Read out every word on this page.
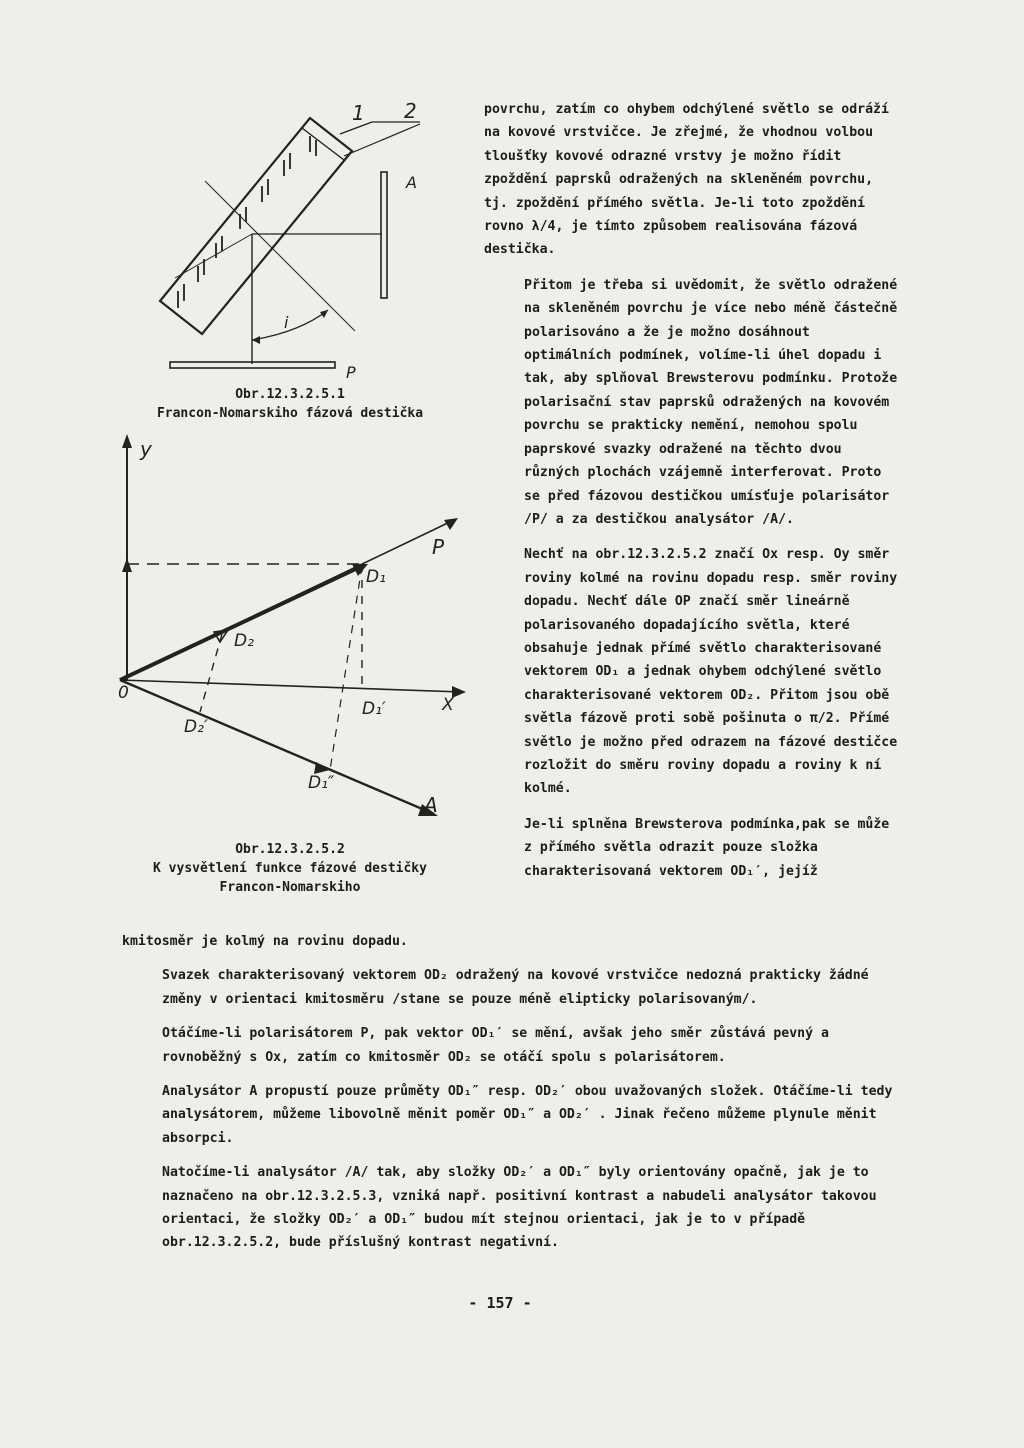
1 2
A
P
i
Obr.12.3.2.5.1
Francon-Nomarskiho fázová destička
y
0
X
P
A
D₁
D₂
D₁′
D₂′
D₁″
Obr.12.3.2.5.2
K vysvětlení funkce fázové destičky
Francon-Nomarskiho

povrchu, zatím co ohybem odchýlené světlo se odráží na kovové vrstvičce. Je zřejmé, že vhodnou volbou tloušťky kovové odrazné vrstvy je možno řídit zpoždění paprsků odražených na skleněném povrchu, tj. zpoždění přímého světla. Je-li toto zpoždění rovno λ/4, je tímto způsobem realisována fázová destička.

Přitom je třeba si uvědomit, že světlo odražené na skleněném povrchu je více nebo méně částečně polarisováno a že je možno dosáhnout optimálních podmínek, volíme-li úhel dopadu i tak, aby splňoval Brewsterovu podmínku. Protože polarisační stav paprsků odražených na kovovém povrchu se prakticky nemění, nemohou spolu paprskové svazky odražené na těchto dvou různých plochách vzájemně interferovat. Proto se před fázovou destičkou umísťuje polarisátor /P/ a za destičkou analysátor /A/.

Nechť na obr.12.3.2.5.2 značí Ox resp. Oy směr roviny kolmé na rovinu dopadu resp. směr roviny dopadu. Nechť dále OP značí směr lineárně polarisovaného dopadajícího světla, které obsahuje jednak přímé světlo charakterisované vektorem OD₁ a jednak ohybem odchýlené světlo charakterisované vektorem OD₂. Přitom jsou obě světla fázově proti sobě pošinuta o π/2. Přímé světlo je možno před odrazem na fázové destičce rozložit do směru roviny dopadu a roviny k ní kolmé.

Je-li splněna Brewsterova podmínka,pak se může z přímého světla odrazit pouze složka charakterisovaná vektorem OD₁′, jejíž

kmitosměr je kolmý na rovinu dopadu.

Svazek charakterisovaný vektorem OD₂ odražený na kovové vrstvičce nedozná prakticky žádné změny v orientaci kmitosměru /stane se pouze méně elipticky polarisovaným/.

Otáčíme-li polarisátorem P, pak vektor OD₁′ se mění, avšak jeho směr zůstává pevný a rovnoběžný s Ox, zatím co kmitosměr OD₂ se otáčí spolu s polarisátorem.

Analysátor A propustí pouze průměty OD₁″ resp. OD₂′ obou uvažovaných složek. Otáčíme-li tedy analysátorem, můžeme libovolně měnit poměr OD₁″ a OD₂′ . Jinak řečeno můžeme plynule měnit absorpci.

Natočíme-li analysátor /A/ tak, aby složky OD₂′ a OD₁″ byly orientovány opačně, jak je to naznačeno na obr.12.3.2.5.3, vzniká např. positivní kontrast a nabudeli analysátor takovou orientaci, že složky OD₂′ a OD₁″ budou mít stejnou orientaci, jak je to v případě obr.12.3.2.5.2, bude příslušný kontrast negativní.

- 157 -
